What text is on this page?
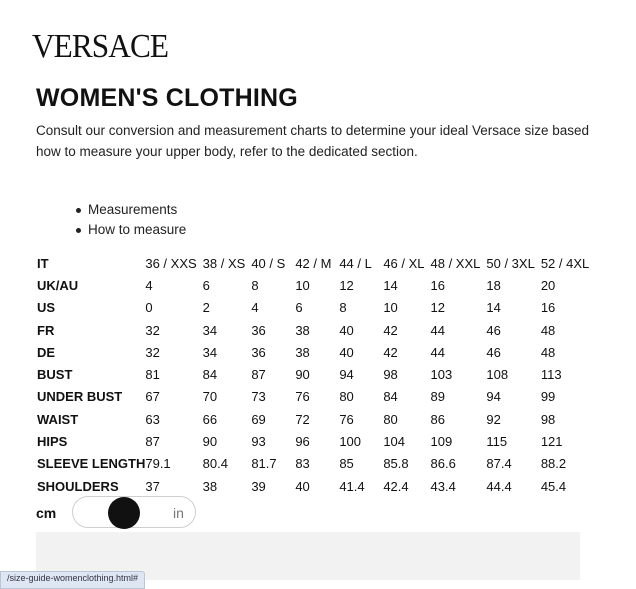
VERSACE
WOMEN'S CLOTHING
Consult our conversion and measurement charts to determine your ideal Versace size based
how to measure your upper body, refer to the dedicated section.
Measurements
How to measure
IT	36 / XXS	38 / XS	40 / S	42 / M	44 / L	46 / XL	48 / XXL	50 / 3XL	52 / 4XL
UK/AU	4	6	8	10	12	14	16	18	20
US	0	2	4	6	8	10	12	14	16
FR	32	34	36	38	40	42	44	46	48
DE	32	34	36	38	40	42	44	46	48
BUST	81	84	87	90	94	98	103	108	113
UNDER BUST	67	70	73	76	80	84	89	94	99
WAIST	63	66	69	72	76	80	86	92	98
HIPS	87	90	93	96	100	104	109	115	121
SLEEVE LENGTH	79.1	80.4	81.7	83	85	85.8	86.6	87.4	88.2
SHOULDERS	37	38	39	40	41.4	42.4	43.4	44.4	45.4
cm	in
/size-guide-womenclothing.html#
